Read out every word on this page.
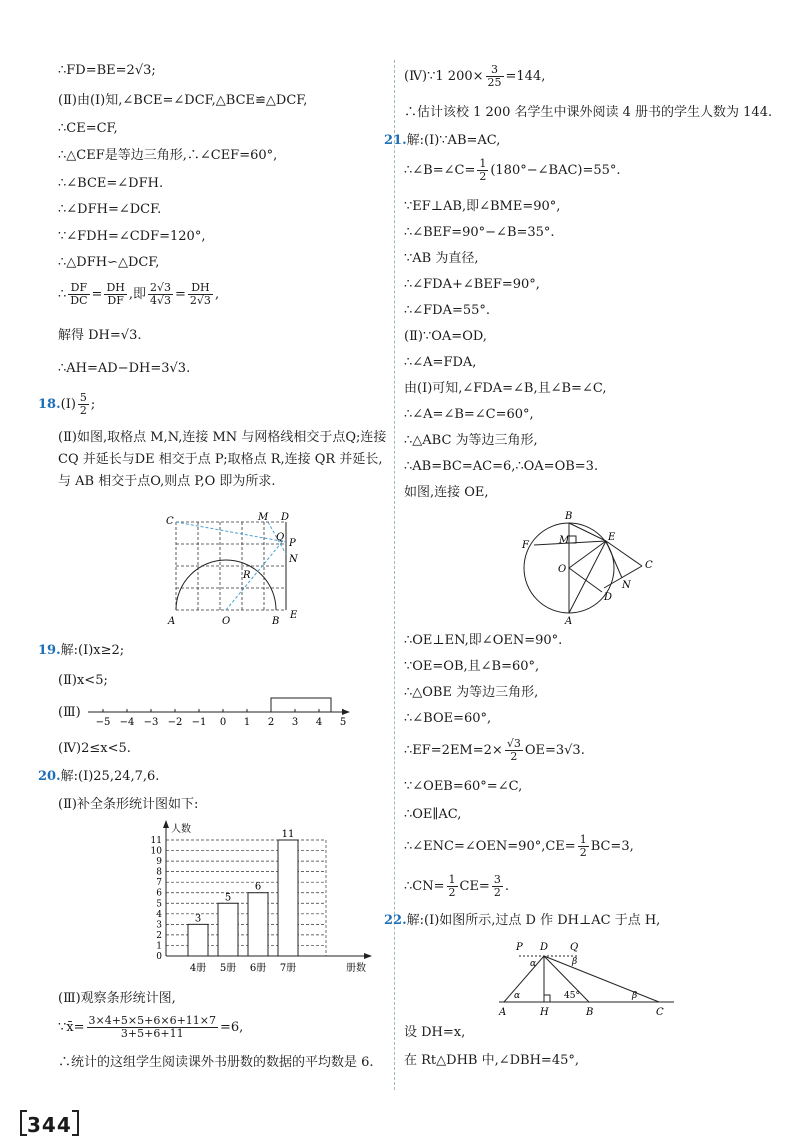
∴FD=BE=2√3;
(Ⅱ)由(Ⅰ)知,∠BCE=∠DCF,△BCE≌△DCF,
∴CE=CF,
∴△CEF是等边三角形,∴∠CEF=60°,
∴∠BCE=∠DFH.
∴∠DFH=∠DCF.
∵∠FDH=∠CDF=120°,
∴△DFH∽△DCF,
∴ $\frac{DF}{DC} = \frac{DH}{DF}$ ,即 $\frac{2√3}{4√3} = \frac{DH}{2√3}$ ,
解得 DH=√3.
∴AH=AD−DH=3√3.
18.(Ⅰ) $\frac{5}{2}$ ;
(Ⅱ)如图,取格点 M,N,连接 MN 与网格线相交于点Q;连接 CQ 并延长与DE 相交于点 P;取格点 R,连接 QR 并延长,与 AB 相交于点O,则点 P,O 即为所求.
C	M D
Q
P
N
R
A	O	B
E
19.解:(Ⅰ)x≥2;
(Ⅱ)x<5;
(Ⅲ)
−5 −4 −3 −2 −1 0 1 2 3 4 5
(Ⅳ)2≤x<5.
20.解:(Ⅰ)25,24,7,6.
(Ⅱ)补全条形统计图如下:
0
1
2
3
4
5
6
7
8
9
10
11
人数
册数
3
4册
5
5册
6
6册
11
7册
(Ⅲ)观察条形统计图,
∵x̄= $\frac{3\times 4+5\times 5+6\times 6+11\times 7}{3+5+6+11} =6$,
∴统计的这组学生阅读课外书册数的数据的平均数是 6.
(Ⅳ)∵1 $200\times \frac{3}{25} =144$,
∴估计该校 1 200 名学生中课外阅读 4 册书的学生人数为 144.
21.解:(Ⅰ)∵AB=AC,
∴∠B=∠C= $\frac{1}{2}$ (180°−∠BAC)=55°.
∵EF⊥AB,即∠BME=90°,
∴∠BEF=90°−∠B=35°.
∵AB 为直径,
∴∠FDA+∠BEF=90°,
∴∠FDA=55°.
(Ⅱ)∵OA=OD,
∴∠A=FDA,
由(Ⅰ)可知,∠FDA=∠B,且∠B=∠C,
∴∠A=∠B=∠C=60°,
∴△ABC 为等边三角形,
∴AB=BC=AC=6,∴OA=OB=3.
如图,连接 OE,
B
M	E
F
C
O
N
D
A
∴OE⊥EN,即∠OEN=90°.
∵OE=OB,且∠B=60°,
∴△OBE 为等边三角形,
∴∠BOE=60°,
∴EF=2EM=2× $\frac{√3}{2} OE=3√3$.
∵∠OEB=60°=∠C,
∴OE∥AC,
∴∠ENC=∠OEN=90°,CE= $\frac{1}{2} BC=3$,
∴CN= $\frac{1}{2} CE= \frac{3}{2}$ .
22.解:(Ⅰ)如图所示,过点 D 作 DH⊥AC 于点 H,
P D Q
α	β
α	45°	β
A	H	B	C
设 DH=x,
在 Rt△DHB 中,∠DBH=45°,
344
